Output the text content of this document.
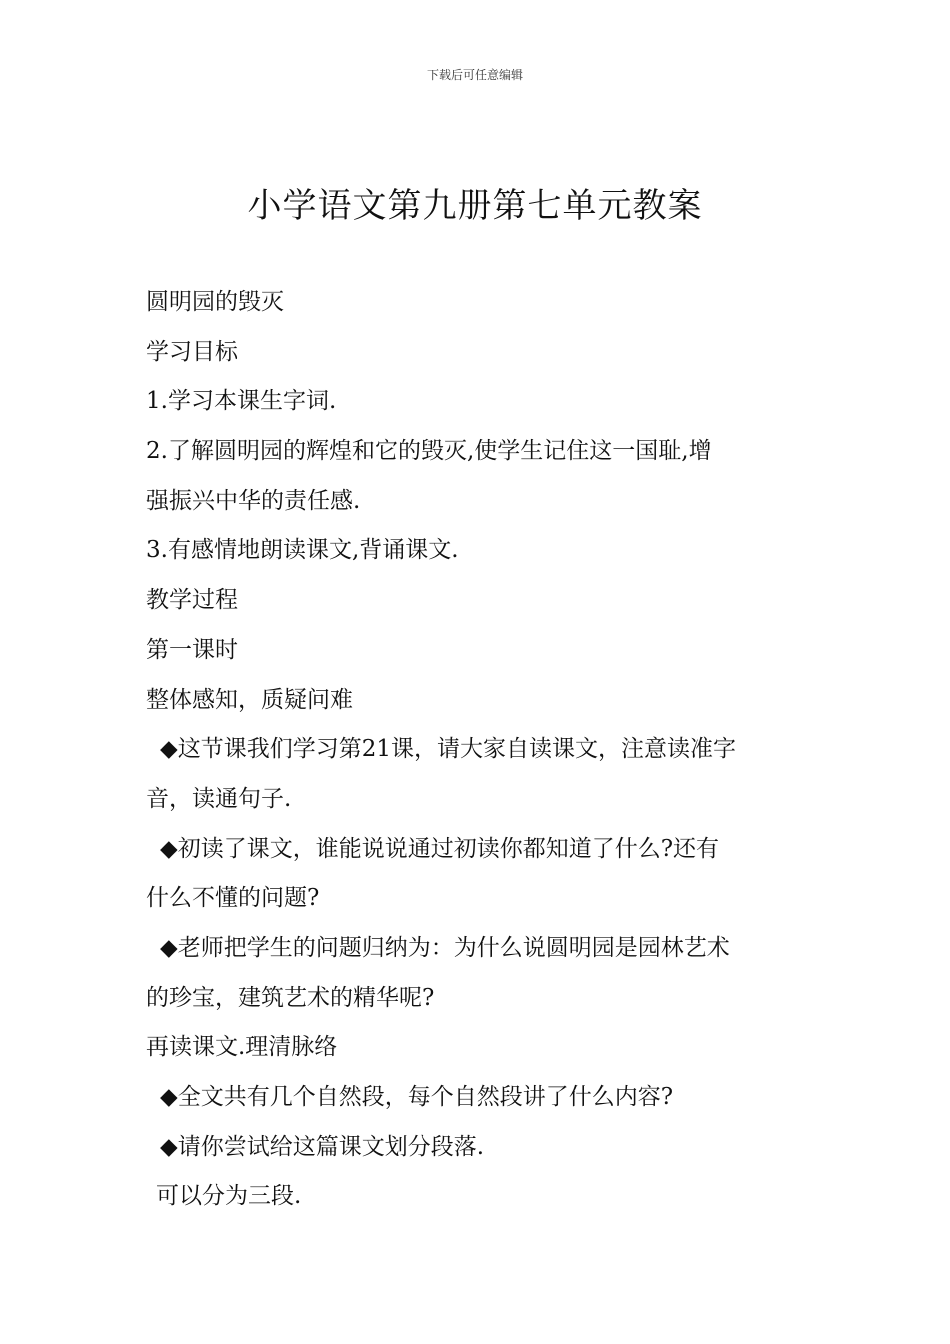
下载后可任意编辑
小学语文第九册第七单元教案

圆明园的毁灭

学习目标

1.学习本课生字词.

2.了解圆明园的辉煌和它的毁灭,使学生记住这一国耻,增

强振兴中华的责任感.

3.有感情地朗读课文,背诵课文.

教学过程

第一课时

整体感知，质疑问难

◆这节课我们学习第21课，请大家自读课文，注意读准字

音，读通句子.

◆初读了课文，谁能说说通过初读你都知道了什么?还有

什么不懂的问题?

◆老师把学生的问题归纳为：为什么说圆明园是园林艺术

的珍宝，建筑艺术的精华呢?

再读课文.理清脉络

◆全文共有几个自然段，每个自然段讲了什么内容?

◆请你尝试给这篇课文划分段落.

可以分为三段.
